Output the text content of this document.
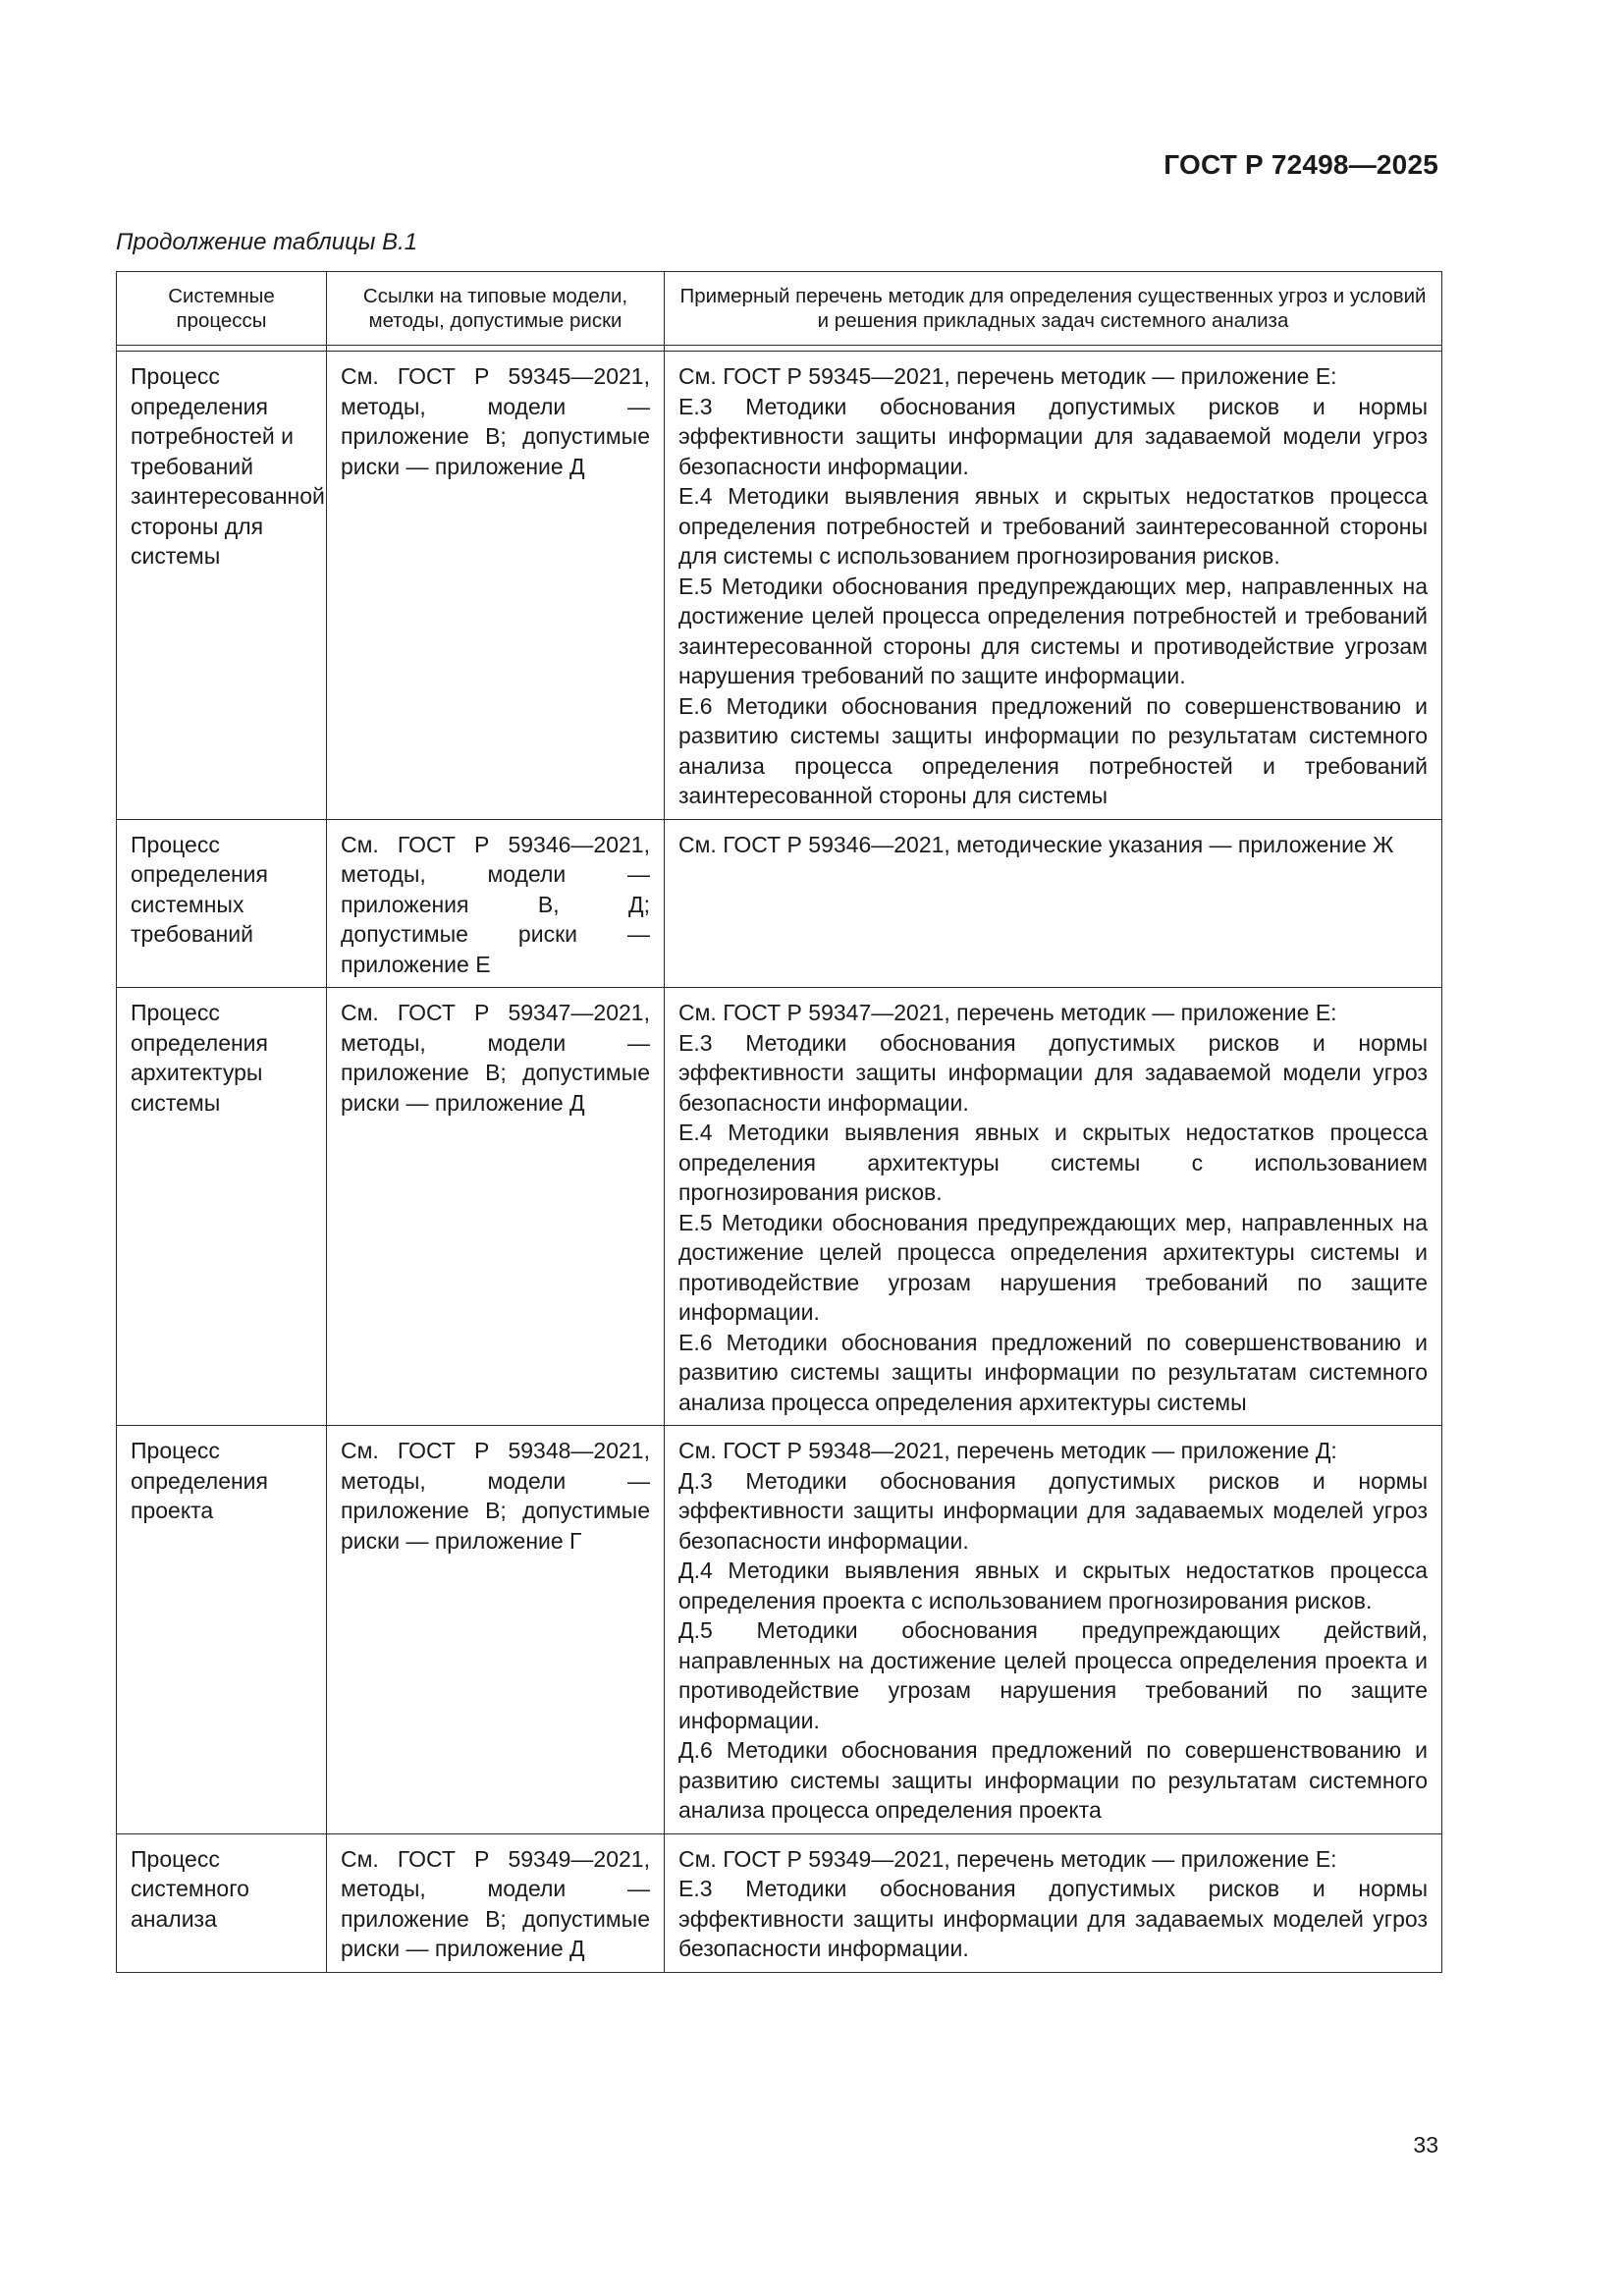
ГОСТ Р 72498—2025
Продолжение таблицы В.1
Системные процессы	Ссылки на типовые модели, методы, допустимые риски	Примерный перечень методик для определения существенных угроз и условий и решения прикладных задач системного анализа

Процесс определения потребностей и требований заинтересованной стороны для системы	См. ГОСТ Р 59345—2021, методы, модели — приложение В; допустимые риски — приложение Д	См. ГОСТ Р 59345—2021, перечень методик — приложение Е:
Е.3 Методики обоснования допустимых рисков и нормы эффективности защиты информации для задаваемой модели угроз безопасности информации.
Е.4 Методики выявления явных и скрытых недостатков процесса определения потребностей и требований заинтересованной стороны для системы с использованием прогнозирования рисков.
Е.5 Методики обоснования предупреждающих мер, направленных на достижение целей процесса определения потребностей и требований заинтересованной стороны для системы и противодействие угрозам нарушения требований по защите информации.
Е.6 Методики обоснования предложений по совершенствованию и развитию системы защиты информации по результатам системного анализа процесса определения потребностей и требований заинтересованной стороны для системы

Процесс определения системных требований	См. ГОСТ Р 59346—2021, методы, модели — приложения В, Д; допустимые риски — приложение Е	См. ГОСТ Р 59346—2021, методические указания — приложение Ж

Процесс определения архитектуры системы	См. ГОСТ Р 59347—2021, методы, модели — приложение В; допустимые риски — приложение Д	См. ГОСТ Р 59347—2021, перечень методик — приложение Е:
Е.3 Методики обоснования допустимых рисков и нормы эффективности защиты информации для задаваемой модели угроз безопасности информации.
Е.4 Методики выявления явных и скрытых недостатков процесса определения архитектуры системы с использованием прогнозирования рисков.
Е.5 Методики обоснования предупреждающих мер, направленных на достижение целей процесса определения архитектуры системы и противодействие угрозам нарушения требований по защите информации.
Е.6 Методики обоснования предложений по совершенствованию и развитию системы защиты информации по результатам системного анализа процесса определения архитектуры системы

Процесс определения проекта	См. ГОСТ Р 59348—2021, методы, модели — приложение В; допустимые риски — приложение Г	См. ГОСТ Р 59348—2021, перечень методик — приложение Д:
Д.3 Методики обоснования допустимых рисков и нормы эффективности защиты информации для задаваемых моделей угроз безопасности информации.
Д.4 Методики выявления явных и скрытых недостатков процесса определения проекта с использованием прогнозирования рисков.
Д.5 Методики обоснования предупреждающих действий, направленных на достижение целей процесса определения проекта и противодействие угрозам нарушения требований по защите информации.
Д.6 Методики обоснования предложений по совершенствованию и развитию системы защиты информации по результатам системного анализа процесса определения проекта

Процесс системного анализа	См. ГОСТ Р 59349—2021, методы, модели — приложение В; допустимые риски — приложение Д	См. ГОСТ Р 59349—2021, перечень методик — приложение Е:
Е.3 Методики обоснования допустимых рисков и нормы эффективности защиты информации для задаваемых моделей угроз безопасности информации.
33
